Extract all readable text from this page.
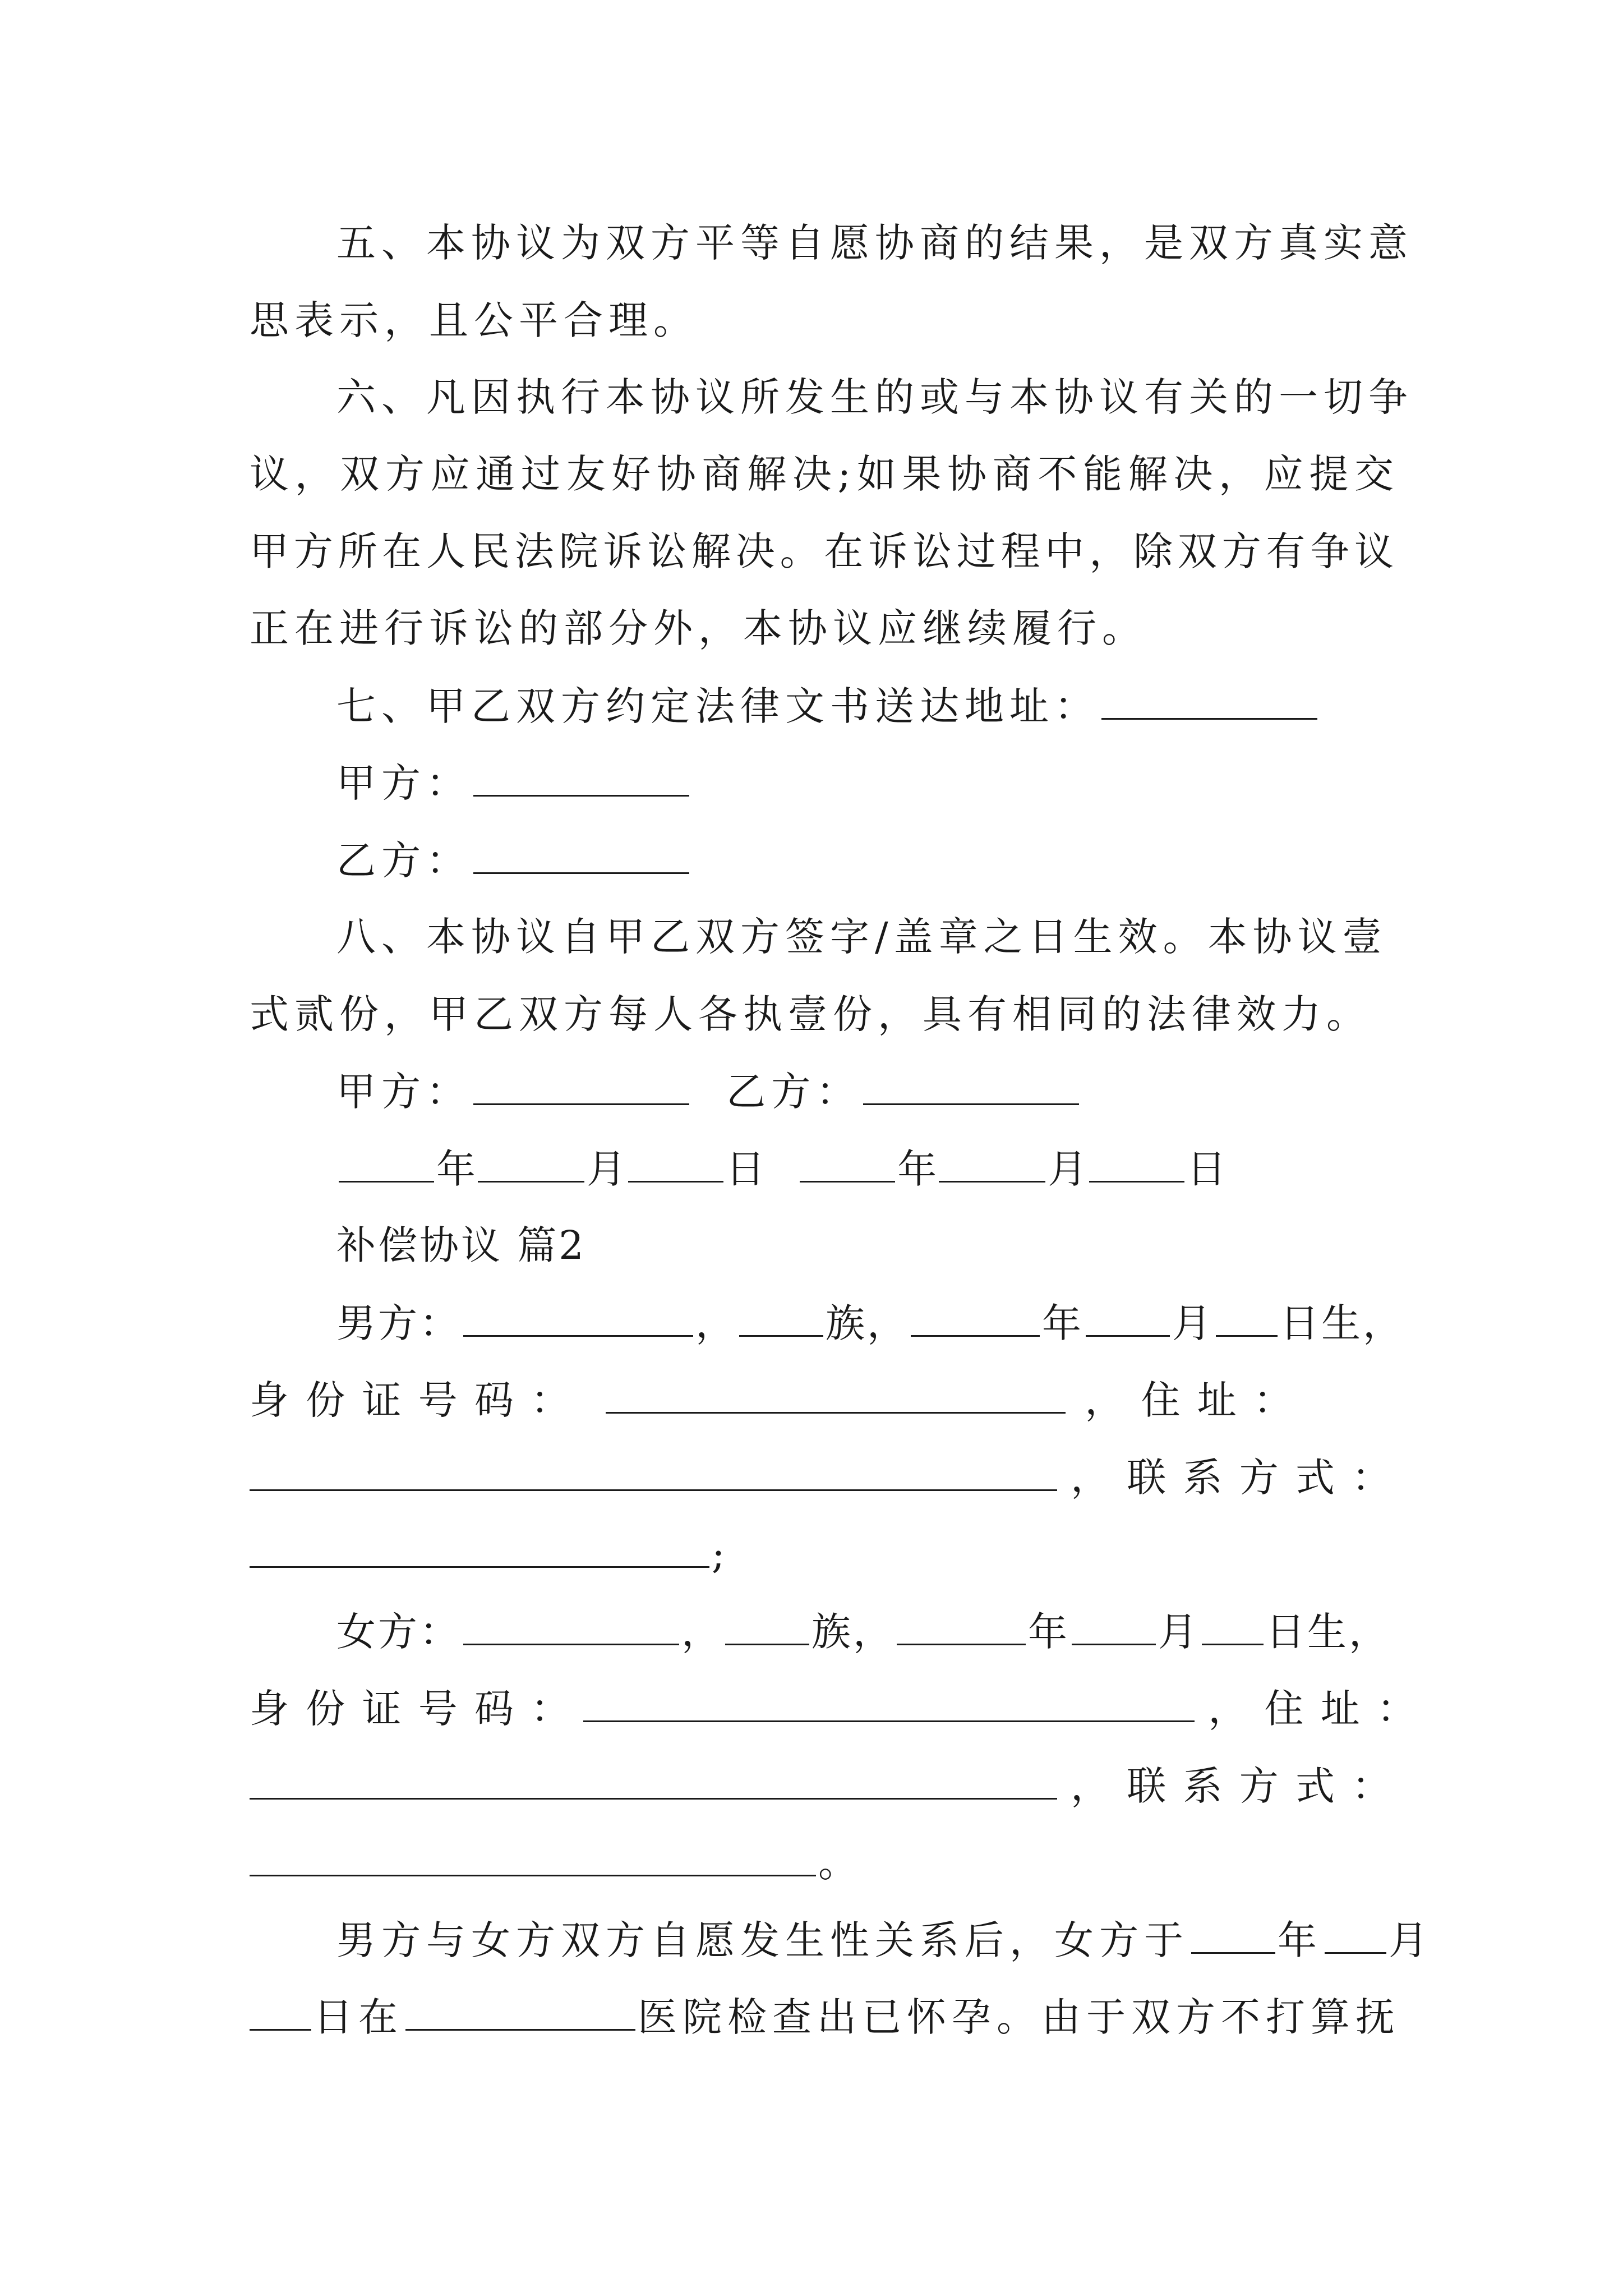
五、本协议为双方平等自愿协商的结果，是双方真实意
思表示，且公平合理。
六、凡因执行本协议所发生的或与本协议有关的一切争
议，双方应通过友好协商解决;如果协商不能解决，应提交
甲方所在人民法院诉讼解决。在诉讼过程中，除双方有争议
正在进行诉讼的部分外，本协议应继续履行。
七、甲乙双方约定法律文书送达地址：
甲方：
乙方：
八、本协议自甲乙双方签字/盖章之日生效。本协议壹
式贰份，甲乙双方每人各执壹份，具有相同的法律效力。
甲方：	乙方：
年	月	日	年	月	日
补偿协议 篇2
男方：	， 族，	年 月 日生，
身 份 证 号 码 ：	， 住 址 ：
， 联 系 方 式 ：
;
女方：	， 族，	年 月 日生，
身 份 证 号 码 ：	， 住 址 ：
， 联 系 方 式 ：
。
男方与女方双方自愿发生性关系后，女方于 年 月
日在	医院检查出已怀孕。由于双方不打算抚
